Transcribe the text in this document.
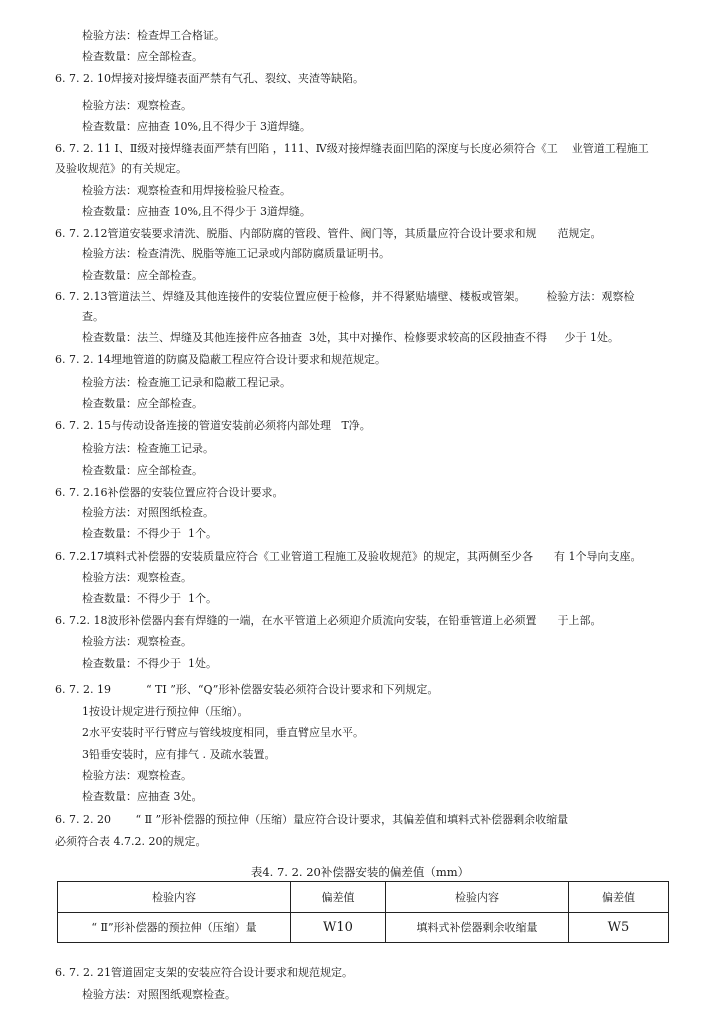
检验方法：检查焊工合格证。
检查数量：应全部检查。
6. 7. 2. 10焊接对接焊缝表面严禁有气孔、裂纹、夹渣等缺陷。
检验方法：观察检查。
检查数量：应抽查 10%,且不得少于 3道焊缝。
6. 7. 2. 11 I、Ⅱ级对接焊缝表面严禁有凹陷 ，111、Ⅳ级对接焊缝表面凹陷的深度与长度必须符合《工    业管道工程施工
及验收规范》的有关规定。
检验方法：观察检查和用焊接检验尺检查。
检查数量：应抽查 10%,且不得少于 3道焊缝。
6. 7. 2.12管道安装要求清洗、脱脂、内部防腐的管段、管件、阀门等，其质量应符合设计要求和规      范规定。
检验方法：检查清洗、脱脂等施工记录或内部防腐质量证明书。
检查数量：应全部检查。
6. 7. 2.13管道法兰、焊缝及其他连接件的安装位置应便于检修，并不得紧贴墙壁、楼板或管架。      检验方法：观察检
查。
检查数量：法兰、焊缝及其他连接件应各抽查  3处，其中对操作、检修要求较高的区段抽查不得     少于 1处。
6. 7. 2. 14埋地管道的防腐及隐蔽工程应符合设计要求和规范规定。
检验方法：检查施工记录和隐蔽工程记录。
检查数量：应全部检查。
6. 7. 2. 15与传动设备连接的管道安装前必须将内部处理   T净。
检验方法：检查施工记录。
检查数量：应全部检查。
6. 7. 2.16补偿器的安装位置应符合设计要求。
检验方法：对照图纸检查。
检查数量：不得少于  1个。
6. 7.2.17填料式补偿器的安装质量应符合《工业管道工程施工及验收规范》的规定，其两侧至少各      有 1个导向支座。
检验方法：观察检查。
检查数量：不得少于  1个。
6. 7.2. 18波形补偿器内套有焊缝的一端，在水平管道上必须迎介质流向安装，在铅垂管道上必须置      于上部。
检验方法：观察检查。
检查数量：不得少于  1处。
6. 7. 2. 19          “ TI ”形、“Q”形补偿器安装必须符合设计要求和下列规定。
1按设计规定进行预拉伸（压缩）。
2水平安装时平行臂应与管线坡度相同，垂直臂应呈水平。
3铅垂安装时，应有排气 . 及疏水装置。
检验方法：观察检查。
检查数量：应抽查 3处。
6. 7. 2. 20       “ Ⅱ ”形补偿器的预拉伸（压缩）量应符合设计要求，其偏差值和填料式补偿器剩余收缩量
必须符合表 4.7.2. 20的规定。
表4. 7. 2. 20补偿器安装的偏差值（mm）
检验内容	偏差值	检验内容	偏差值
“ Ⅱ”形补偿器的预拉伸（压缩）量	W10	填料式补偿器剩余收缩量	W5
6. 7. 2. 21管道固定支架的安装应符合设计要求和规范规定。
检验方法：对照图纸观察检查。
